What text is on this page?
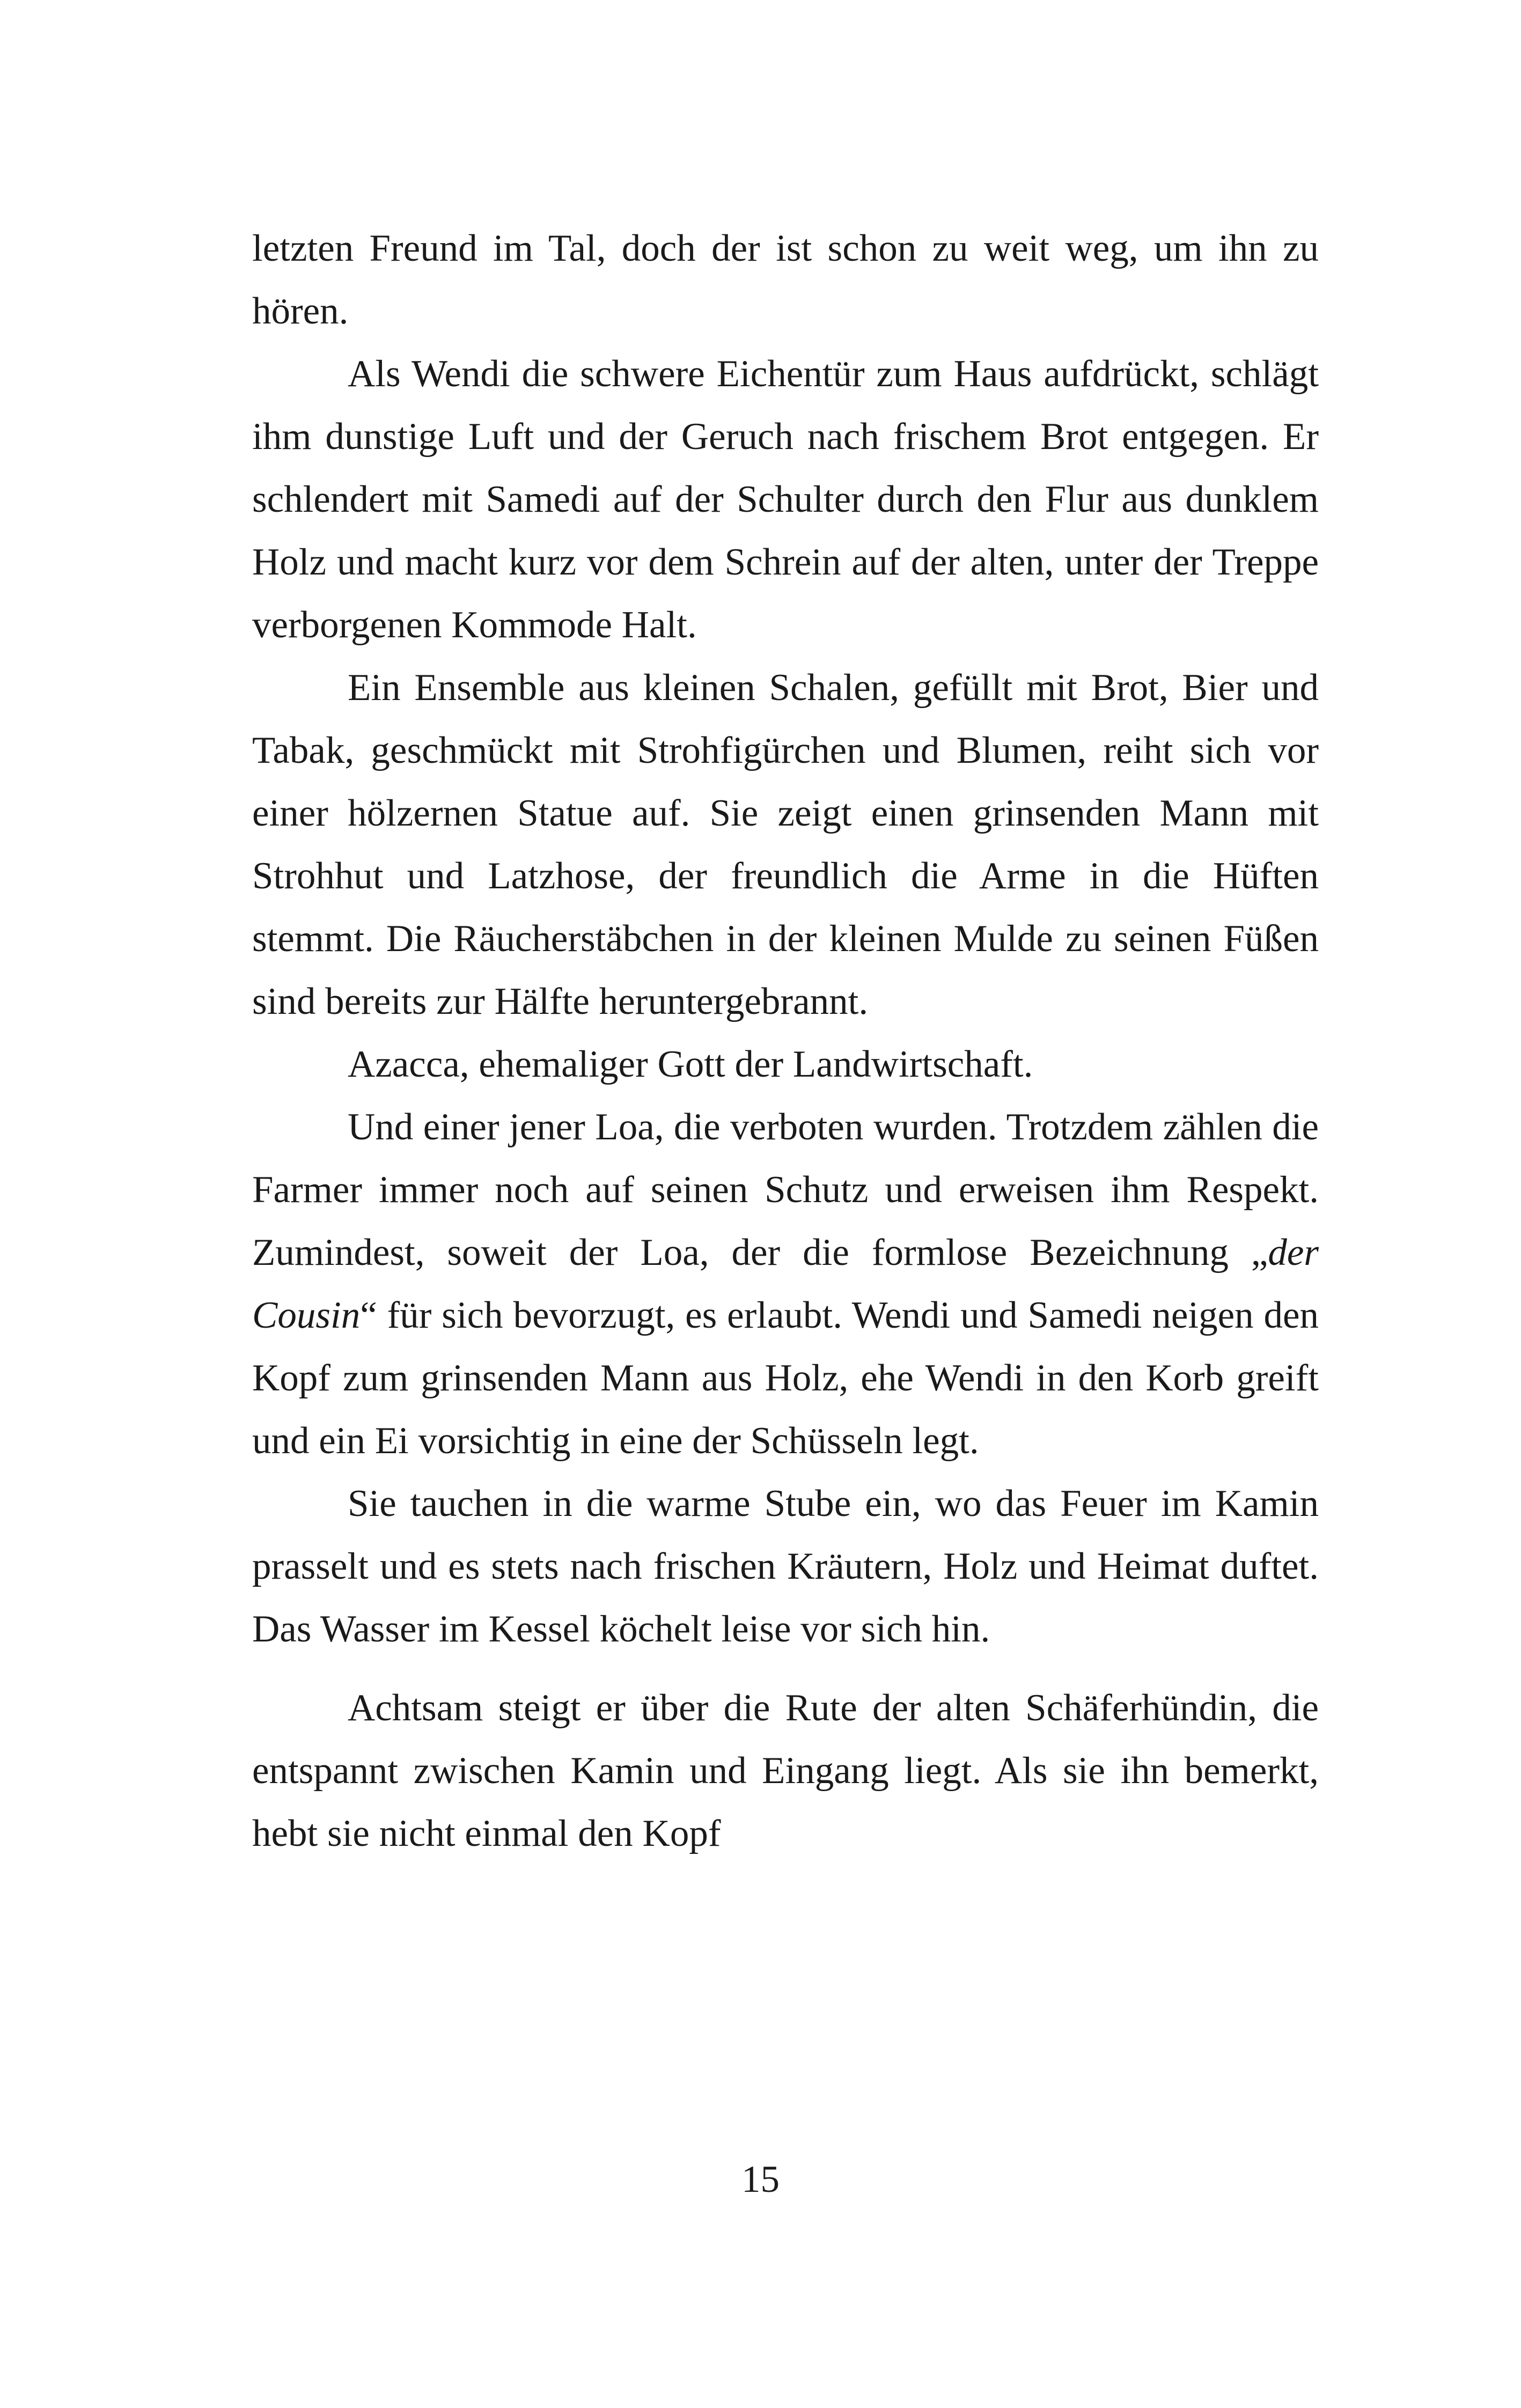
letzten Freund im Tal, doch der ist schon zu weit weg, um ihn zu hören.

Als Wendi die schwere Eichentür zum Haus aufdrückt, schlägt ihm dunstige Luft und der Geruch nach frischem Brot entgegen. Er schlendert mit Samedi auf der Schulter durch den Flur aus dunklem Holz und macht kurz vor dem Schrein auf der alten, unter der Treppe verborgenen Kommode Halt.

Ein Ensemble aus kleinen Schalen, gefüllt mit Brot, Bier und Tabak, geschmückt mit Strohfigürchen und Blumen, reiht sich vor einer hölzernen Statue auf. Sie zeigt einen grinsenden Mann mit Strohhut und Latzhose, der freundlich die Arme in die Hüften stemmt. Die Räucherstäbchen in der kleinen Mulde zu seinen Füßen sind bereits zur Hälfte heruntergebrannt.

Azacca, ehemaliger Gott der Landwirtschaft.

Und einer jener Loa, die verboten wurden. Trotzdem zählen die Farmer immer noch auf seinen Schutz und erweisen ihm Respekt. Zumindest, soweit der Loa, der die formlose Bezeichnung „der Cousin“ für sich bevorzugt, es erlaubt. Wendi und Samedi neigen den Kopf zum grinsenden Mann aus Holz, ehe Wendi in den Korb greift und ein Ei vorsichtig in eine der Schüsseln legt.

Sie tauchen in die warme Stube ein, wo das Feuer im Kamin prasselt und es stets nach frischen Kräutern, Holz und Heimat duftet. Das Wasser im Kessel köchelt leise vor sich hin.

Achtsam steigt er über die Rute der alten Schäferhündin, die entspannt zwischen Kamin und Eingang liegt. Als sie ihn bemerkt, hebt sie nicht einmal den Kopf

15
